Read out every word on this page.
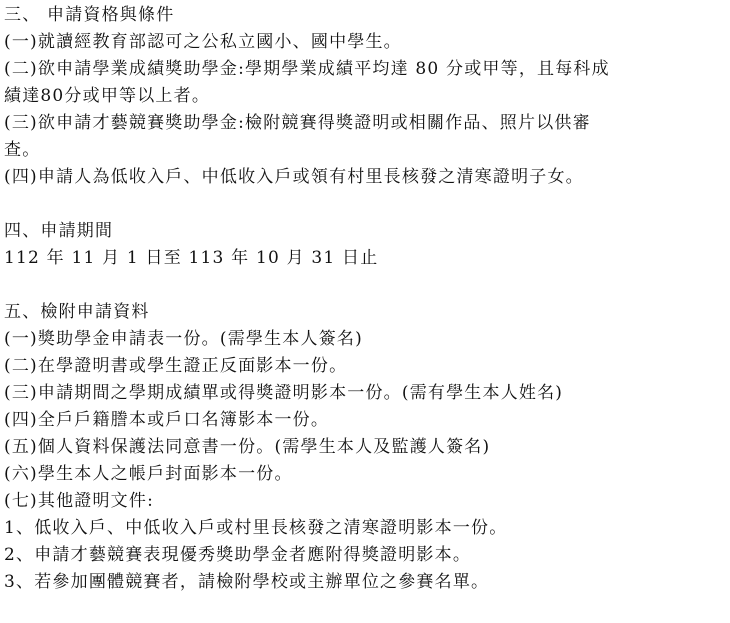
三、 申請資格與條件
(一)就讀經教育部認可之公私立國小、國中學生。
(二)欲申請學業成績獎助學金:學期學業成績平均達 80 分或甲等，且每科成
績達80分或甲等以上者。
(三)欲申請才藝競賽獎助學金:檢附競賽得獎證明或相關作品、照片以供審
查。
(四)申請人為低收入戶、中低收入戶或領有村里長核發之清寒證明子女。
四、申請期間
112 年 11 月 1 日至 113 年 10 月 31 日止
五、檢附申請資料
(一)獎助學金申請表一份。(需學生本人簽名)
(二)在學證明書或學生證正反面影本一份。
(三)申請期間之學期成績單或得獎證明影本一份。(需有學生本人姓名)
(四)全戶戶籍謄本或戶口名簿影本一份。
(五)個人資料保護法同意書一份。(需學生本人及監護人簽名)
(六)學生本人之帳戶封面影本一份。
(七)其他證明文件:
1、低收入戶、中低收入戶或村里長核發之清寒證明影本一份。
2、申請才藝競賽表現優秀獎助學金者應附得獎證明影本。
3、若參加團體競賽者，請檢附學校或主辦單位之參賽名單。
